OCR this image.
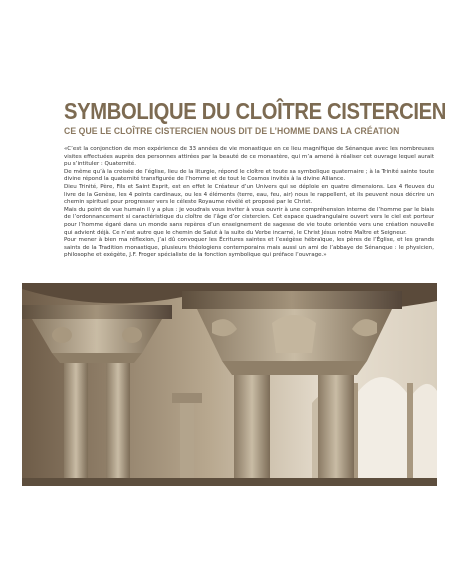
SYMBOLIQUE DU CLOÎTRE CISTERCIEN
CE QUE LE CLOÎTRE CISTERCIEN NOUS DIT DE L’HOMME DANS LA CRÉATION

«C’est la conjonction de mon expérience de 33 années de vie monastique en ce lieu magnifique de Sénanque avec les nombreuses visites effectuées auprès des personnes attirées par la beauté de ce monastère, qui m’a amené à réaliser cet ouvrage lequel aurait pu s’intituler : Quaternité.

De même qu’à la croisée de l’église, lieu de la liturgie, répond le cloître et toute sa symbolique quaternaire ; à la Trinité sainte toute divine répond la quaternité transfigurée de l’homme et de tout le Cosmos invités à la divine Alliance.

Dieu Trinité, Père, Fils et Saint Esprit, est en effet le Créateur d’un Univers qui se déploie en quatre dimensions. Les 4 fleuves du livre de la Genèse, les 4 points cardinaux, ou les 4 éléments (terre, eau, feu, air) nous le rappellent, et ils peuvent nous décrire un chemin spirituel pour progresser vers le céleste Royaume révélé et proposé par le Christ.

Mais du point de vue humain il y a plus : je voudrais vous inviter à vous ouvrir à une compréhension interne de l’homme par le biais de l’ordonnancement si caractéristique du cloître de l’âge d’or cistercien. Cet espace quadrangulaire ouvert vers le ciel est porteur pour l’homme égaré dans un monde sans repères d’un enseignement de sagesse de vie toute orientée vers une création nouvelle qui advient déjà. Ce n’est autre que le chemin de Salut à la suite du Verbe incarné, le Christ Jésus notre Maître et Seigneur.

Pour mener à bien ma réflexion, j’ai dû convoquer les Écritures saintes et l’exégèse hébraïque, les pères de l’Église, et les grands saints de la Tradition monastique, plusieurs théologiens contemporains mais aussi un ami de l’abbaye de Sénanque : le physicien, philosophe et exégète, J.F. Froger spécialiste de la fonction symbolique qui préface l’ouvrage.»
